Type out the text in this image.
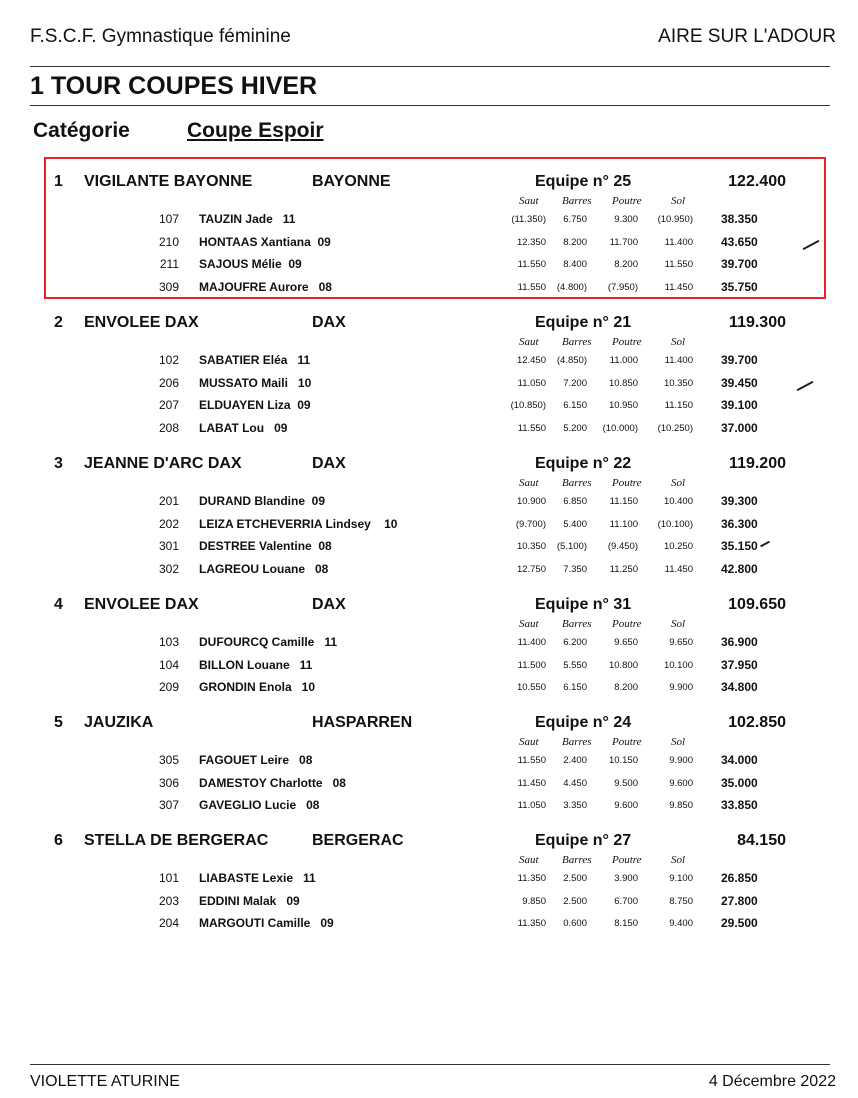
F.S.C.F. Gymnastique féminine	AIRE SUR L'ADOUR
1 TOUR COUPES HIVER
Catégorie	Coupe Espoir
1 VIGILANTE BAYONNE	BAYONNE	Equipe n° 25	122.400
Saut Barres Poutre	Sol
107 TAUZIN Jade   11	(11.350) 6.750	9.300 (10.950) 38.350
210 HONTAAS Xantiana  09	12.350 8.200 11.700	11.400 43.650
211 SAJOUS Mélie  09	11.550 8.400	8.200	11.550 39.700
309 MAJOUFRE Aurore   08	11.550 (4.800) (7.950)	11.450 35.750
2 ENVOLEE DAX	DAX	Equipe n° 21	119.300
Saut Barres Poutre	Sol
102 SABATIER Eléa   11	12.450 (4.850) 11.000	11.400 39.700
206 MUSSATO Maili   10	11.050 7.200 10.850	10.350 39.450
207 ELDUAYEN Liza  09	(10.850) 6.150 10.950	11.150 39.100
208 LABAT Lou   09	11.550 5.200 (10.000) (10.250) 37.000
3 JEANNE D'ARC DAX	DAX	Equipe n° 22	119.200
Saut Barres Poutre	Sol
201 DURAND Blandine  09	10.900 6.850 11.150	10.400 39.300
202 LEIZA ETCHEVERRIA Lindsey    10	(9.700) 5.400 11.100 (10.100) 36.300
301 DESTREE Valentine  08	10.350 (5.100) (9.450)	10.250 35.150
302 LAGREOU Louane   08	12.750 7.350 11.250	11.450 42.800
4 ENVOLEE DAX	DAX	Equipe n° 31	109.650
Saut Barres Poutre	Sol
103 DUFOURCQ Camille   11	11.400 6.200	9.650	9.650 36.900
104 BILLON Louane   11	11.500 5.550 10.800	10.100 37.950
209 GRONDIN Enola   10	10.550 6.150	8.200	9.900 34.800
5 JAUZIKA	HASPARREN	Equipe n° 24	102.850
Saut Barres Poutre	Sol
305 FAGOUET Leire   08	11.550 2.400 10.150	9.900 34.000
306 DAMESTOY Charlotte   08	11.450 4.450	9.500	9.600 35.000
307 GAVEGLIO Lucie   08	11.050 3.350	9.600	9.850 33.850
6 STELLA DE BERGERAC	BERGERAC	Equipe n° 27	84.150
Saut Barres Poutre	Sol
101 LIABASTE Lexie   11	11.350 2.500	3.900	9.100 26.850
203 EDDINI Malak   09	9.850 2.500	6.700	8.750 27.800
204 MARGOUTI Camille   09	11.350 0.600	8.150	9.400 29.500
VIOLETTE ATURINE	4 Décembre 2022
